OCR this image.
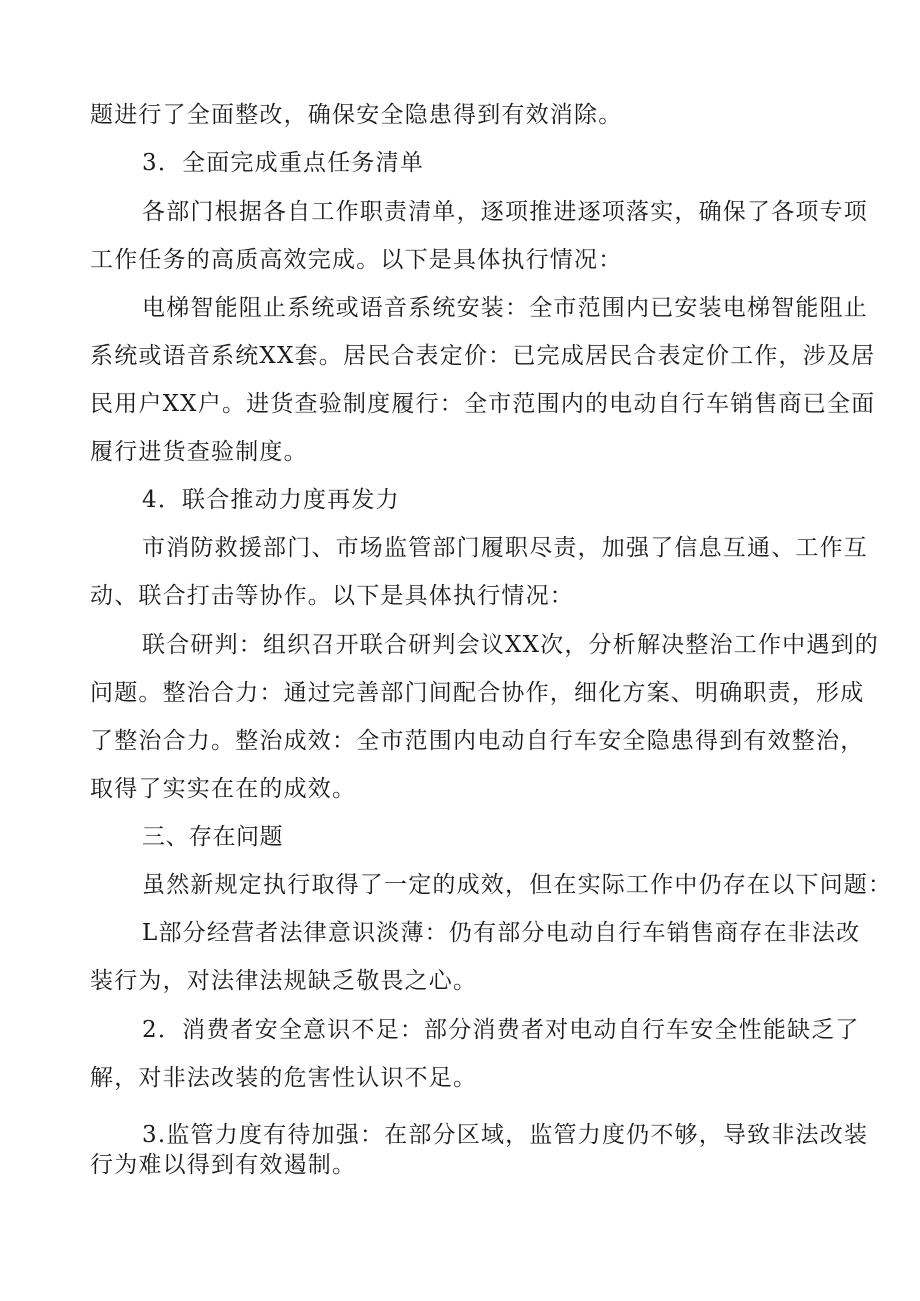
题进行了全面整改，确保安全隐患得到有效消除。
3．全面完成重点任务清单
各部门根据各自工作职责清单，逐项推进逐项落实，确保了各项专项
工作任务的高质高效完成。以下是具体执行情况：
电梯智能阻止系统或语音系统安装：全市范围内已安装电梯智能阻止
系统或语音系统XX套。居民合表定价：已完成居民合表定价工作，涉及居
民用户XX户。进货查验制度履行：全市范围内的电动自行车销售商已全面
履行进货查验制度。
4．联合推动力度再发力
市消防救援部门、市场监管部门履职尽责，加强了信息互通、工作互
动、联合打击等协作。以下是具体执行情况：
联合研判：组织召开联合研判会议XX次，分析解决整治工作中遇到的
问题。整治合力：通过完善部门间配合协作，细化方案、明确职责，形成
了整治合力。整治成效：全市范围内电动自行车安全隐患得到有效整治，
取得了实实在在的成效。
三、存在问题
虽然新规定执行取得了一定的成效，但在实际工作中仍存在以下问题：
L部分经营者法律意识淡薄：仍有部分电动自行车销售商存在非法改
装行为，对法律法规缺乏敬畏之心。
2．消费者安全意识不足：部分消费者对电动自行车安全性能缺乏了
解，对非法改装的危害性认识不足。
3.监管力度有待加强：在部分区域，监管力度仍不够，导致非法改装
行为难以得到有效遏制。
